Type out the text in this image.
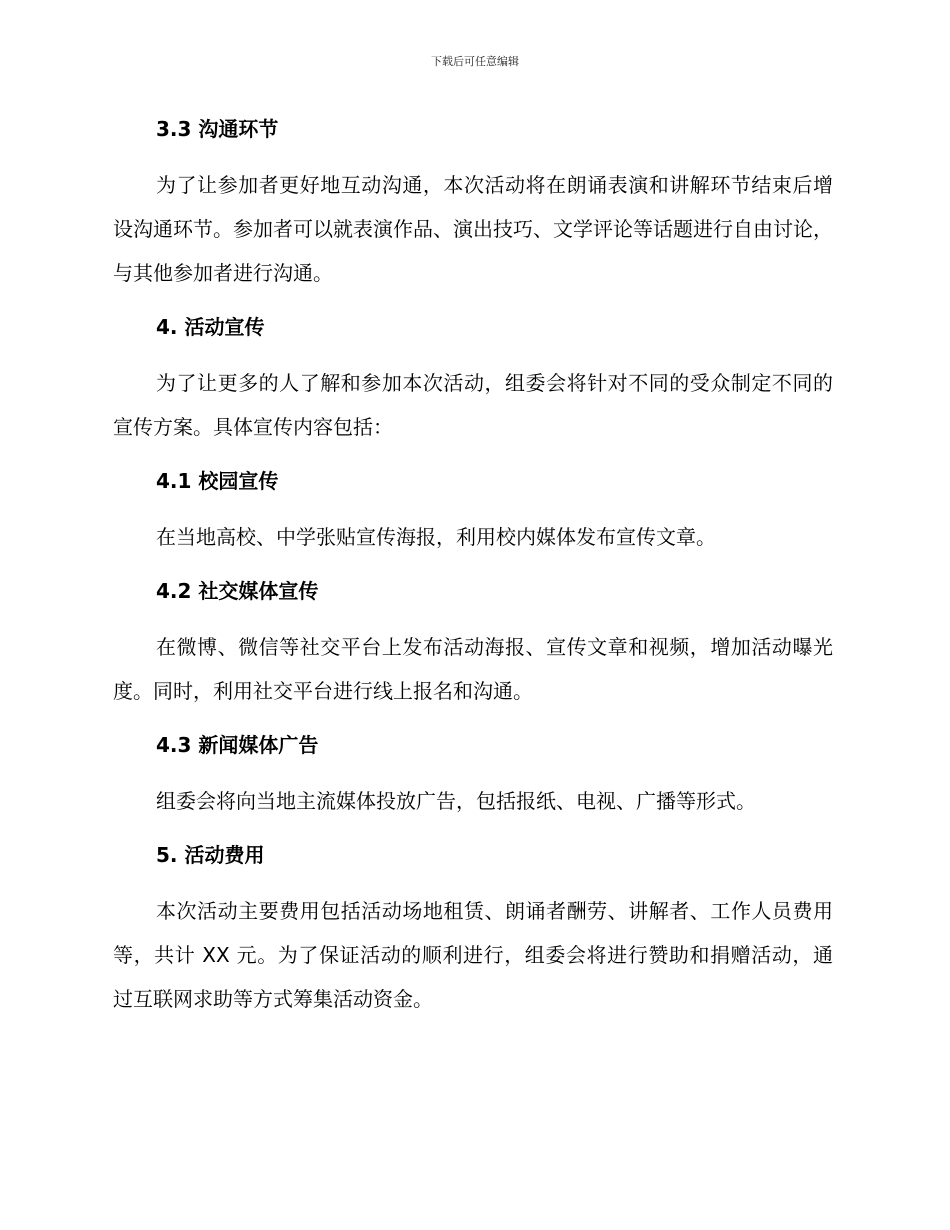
下载后可任意编辑
3.3 沟通环节

为了让参加者更好地互动沟通，本次活动将在朗诵表演和讲解环节结束后增设沟通环节。参加者可以就表演作品、演出技巧、文学评论等话题进行自由讨论，与其他参加者进行沟通。

4. 活动宣传

为了让更多的人了解和参加本次活动，组委会将针对不同的受众制定不同的宣传方案。具体宣传内容包括：

4.1 校园宣传

在当地高校、中学张贴宣传海报，利用校内媒体发布宣传文章。

4.2 社交媒体宣传

在微博、微信等社交平台上发布活动海报、宣传文章和视频，增加活动曝光度。同时，利用社交平台进行线上报名和沟通。

4.3 新闻媒体广告

组委会将向当地主流媒体投放广告，包括报纸、电视、广播等形式。

5. 活动费用

本次活动主要费用包括活动场地租赁、朗诵者酬劳、讲解者、工作人员费用等，共计 XX 元。为了保证活动的顺利进行，组委会将进行赞助和捐赠活动，通过互联网求助等方式筹集活动资金。
